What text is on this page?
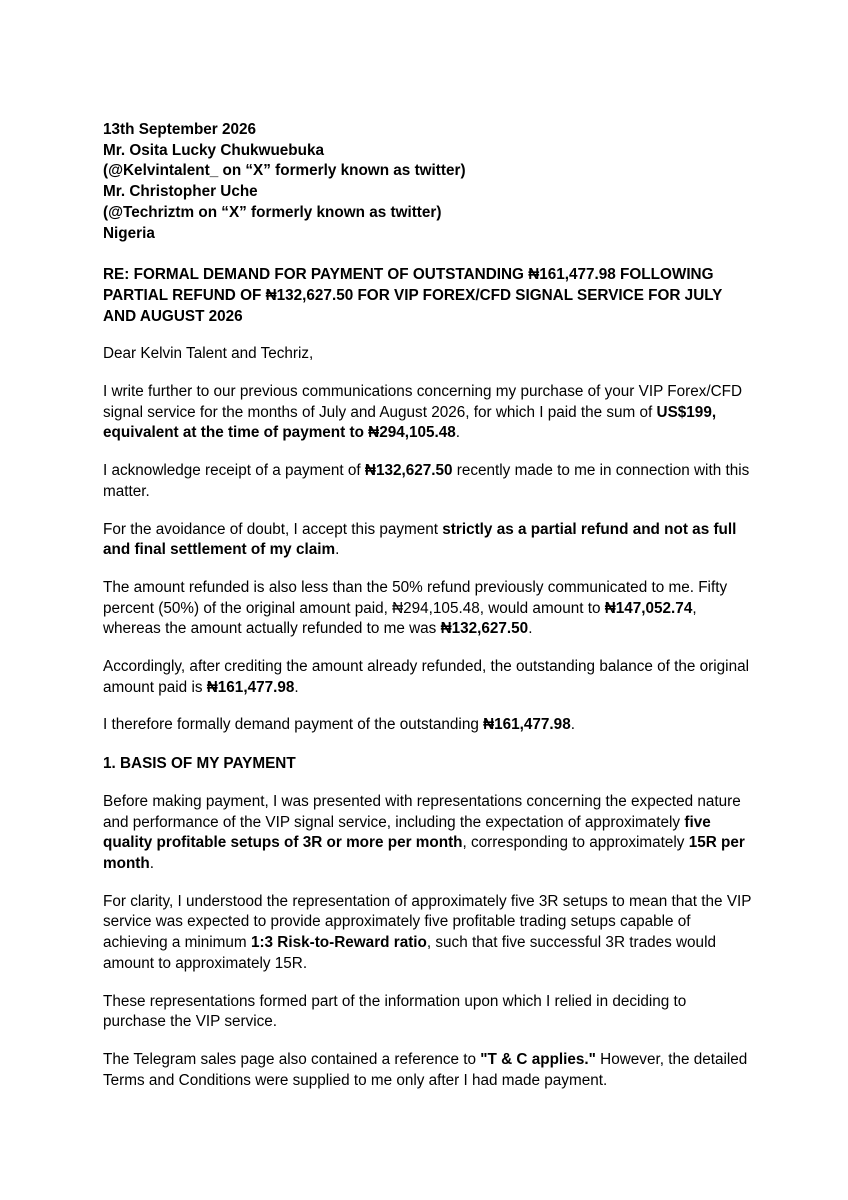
13th September 2026
Mr. Osita Lucky Chukwuebuka
(@Kelvintalent_ on “X” formerly known as twitter)
Mr. Christopher Uche
(@Techriztm on “X” formerly known as twitter)
Nigeria
RE: FORMAL DEMAND FOR PAYMENT OF OUTSTANDING ₦161,477.98 FOLLOWING PARTIAL REFUND OF ₦132,627.50 FOR VIP FOREX/CFD SIGNAL SERVICE FOR JULY AND AUGUST 2026

Dear Kelvin Talent and Techriz,

I write further to our previous communications concerning my purchase of your VIP Forex/CFD signal service for the months of July and August 2026, for which I paid the sum of US$199, equivalent at the time of payment to ₦294,105.48.

I acknowledge receipt of a payment of ₦132,627.50 recently made to me in connection with this matter.

For the avoidance of doubt, I accept this payment strictly as a partial refund and not as full and final settlement of my claim.

The amount refunded is also less than the 50% refund previously communicated to me. Fifty percent (50%) of the original amount paid, ₦294,105.48, would amount to ₦147,052.74, whereas the amount actually refunded to me was ₦132,627.50.

Accordingly, after crediting the amount already refunded, the outstanding balance of the original amount paid is ₦161,477.98.

I therefore formally demand payment of the outstanding ₦161,477.98.

1. BASIS OF MY PAYMENT

Before making payment, I was presented with representations concerning the expected nature and performance of the VIP signal service, including the expectation of approximately five quality profitable setups of 3R or more per month, corresponding to approximately 15R per month.

For clarity, I understood the representation of approximately five 3R setups to mean that the VIP service was expected to provide approximately five profitable trading setups capable of achieving a minimum 1:3 Risk-to-Reward ratio, such that five successful 3R trades would amount to approximately 15R.

These representations formed part of the information upon which I relied in deciding to purchase the VIP service.

The Telegram sales page also contained a reference to "T & C applies." However, the detailed Terms and Conditions were supplied to me only after I had made payment.
